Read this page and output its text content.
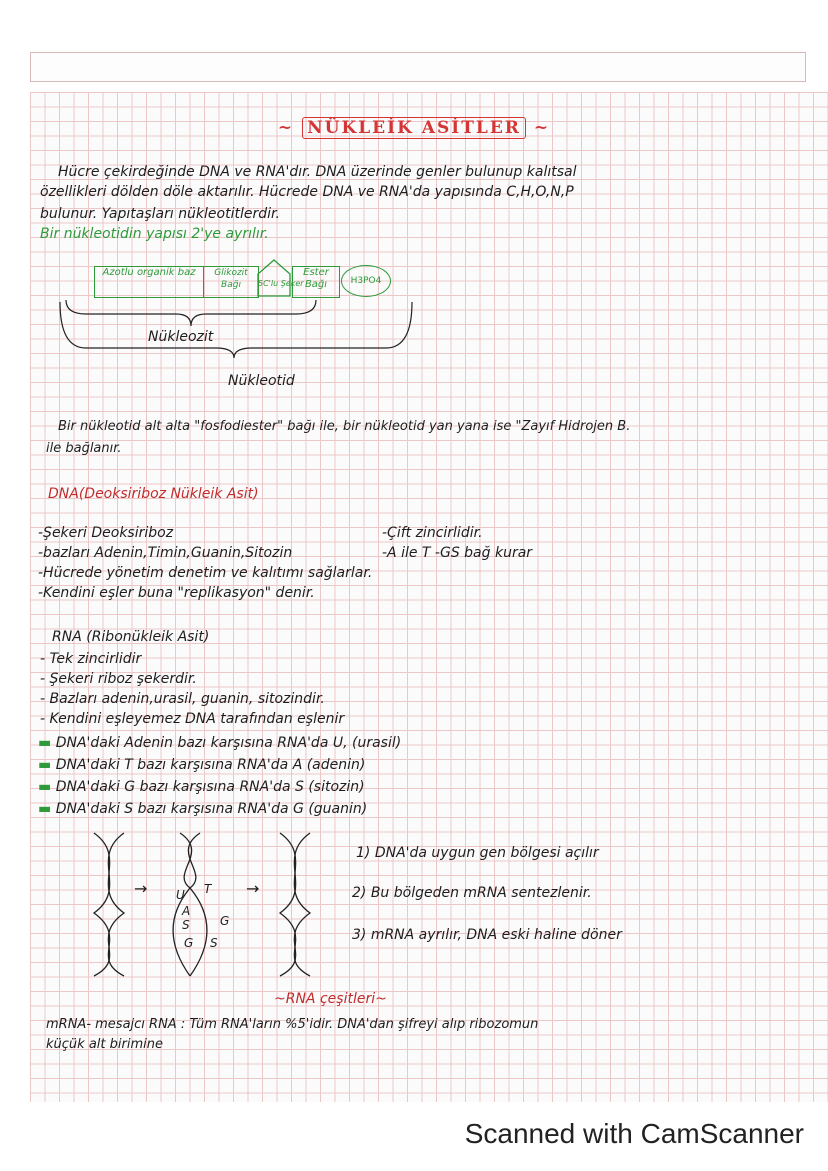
~ NÜKLEİK ASİTLER ~
Hücre çekirdeğinde DNA ve RNA'dır. DNA üzerinde genler bulunup kalıtsal
özellikleri dölden döle aktarılır. Hücrede DNA ve RNA'da yapısında C,H,O,N,P
bulunur. Yapıtaşları nükleotitlerdir.
Bir nükleotidin yapısı 2'ye ayrılır.
Azotlu organik baz	Glikozit Bağı	5C'lu Şeker
Ester Bağı	H3PO4
Nükleozit
Nükleotid
Bir nükleotid alt alta "fosfodiester" bağı ile, bir nükleotid yan yana ise "Zayıf Hidrojen B.
ile bağlanır.
DNA(Deoksiriboz Nükleik Asit)
-Şekeri Deoksiriboz
-bazları Adenin,Timin,Guanin,Sitozin
-Hücrede yönetim denetim ve kalıtımı sağlarlar.
-Kendini eşler buna "replikasyon" denir.
-Çift zincirlidir.
-A ile T -GS bağ kurar
RNA (Ribonükleik Asit)
- Tek zincirlidir
- Şekeri riboz şekerdir.
- Bazları adenin,urasil, guanin, sitozindir.
- Kendini eşleyemez DNA tarafından eşlenir
▬ DNA'daki Adenin bazı karşısına RNA'da U, (urasil)
▬ DNA'daki T bazı karşısına RNA'da A (adenin)
▬ DNA'daki G bazı karşısına RNA'da S (sitozin)
▬ DNA'daki S bazı karşısına RNA'da G (guanin)
→ U T
A
S	G
G S
→
1) DNA'da uygun gen bölgesi açılır
2) Bu bölgeden mRNA sentezlenir.
3) mRNA ayrılır, DNA eski haline döner
~RNA çeşitleri~
mRNA- mesajcı RNA : Tüm RNA'ların %5'idir. DNA'dan şifreyi alıp ribozomun
küçük alt birimine
Scanned with CamScanner
